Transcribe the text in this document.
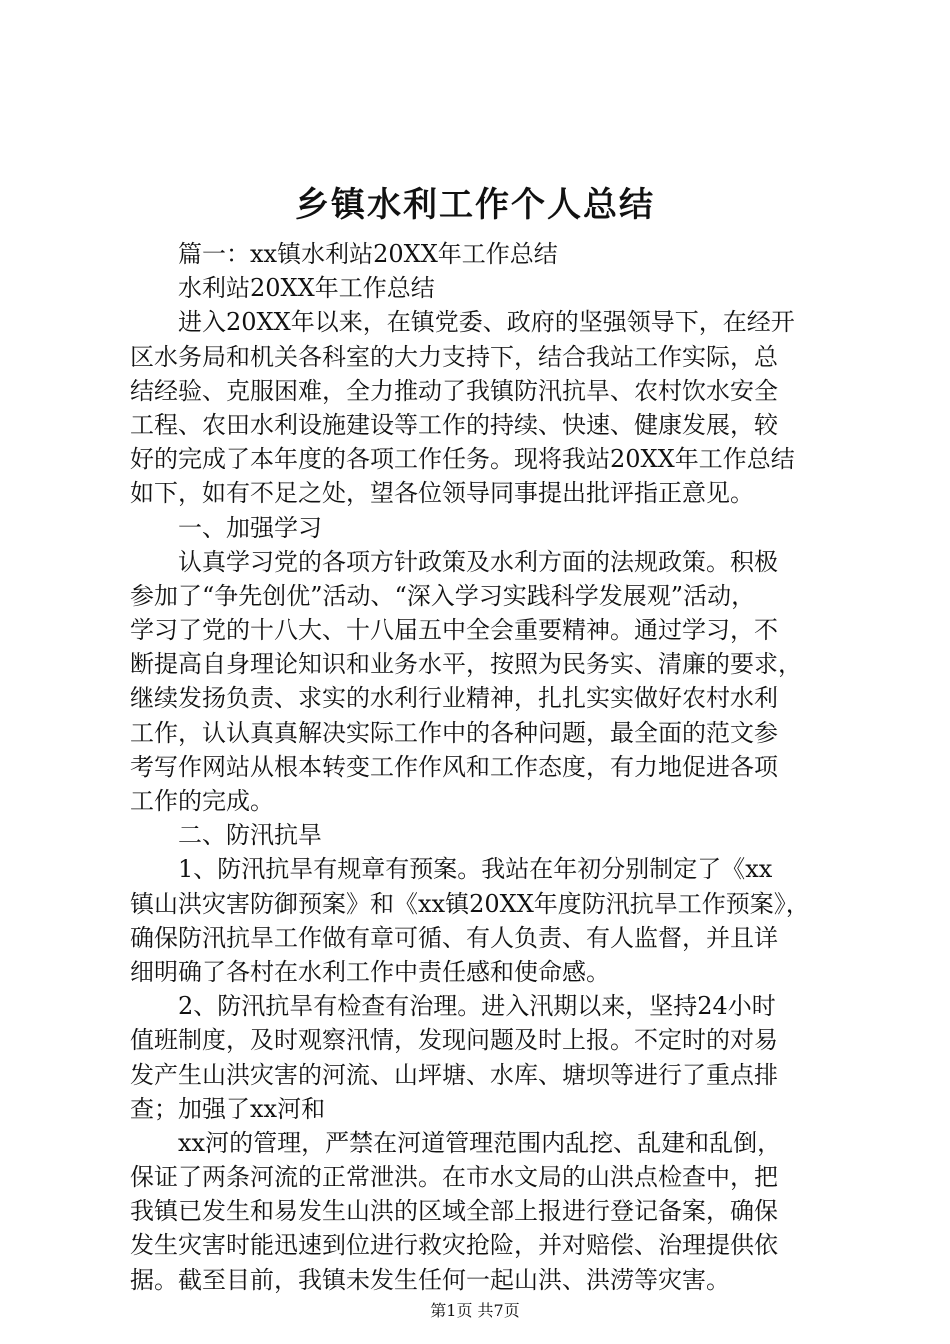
乡镇水利工作个人总结
篇一：xx镇水利站20XX年工作总结
水利站20XX年工作总结
进入20XX年以来，在镇党委、政府的坚强领导下，在经开
区水务局和机关各科室的大力支持下，结合我站工作实际，总
结经验、克服困难，全力推动了我镇防汛抗旱、农村饮水安全
工程、农田水利设施建设等工作的持续、快速、健康发展，较
好的完成了本年度的各项工作任务。现将我站20XX年工作总结
如下，如有不足之处，望各位领导同事提出批评指正意见。
一、加强学习
认真学习党的各项方针政策及水利方面的法规政策。积极
参加了“争先创优”活动、“深入学习实践科学发展观”活动，
学习了党的十八大、十八届五中全会重要精神。通过学习，不
断提高自身理论知识和业务水平，按照为民务实、清廉的要求，
继续发扬负责、求实的水利行业精神，扎扎实实做好农村水利
工作，认认真真解决实际工作中的各种问题，最全面的范文参
考写作网站从根本转变工作作风和工作态度，有力地促进各项
工作的完成。
二、防汛抗旱
1、防汛抗旱有规章有预案。我站在年初分别制定了《xx
镇山洪灾害防御预案》和《xx镇20XX年度防汛抗旱工作预案》，
确保防汛抗旱工作做有章可循、有人负责、有人监督，并且详
细明确了各村在水利工作中责任感和使命感。
2、防汛抗旱有检查有治理。进入汛期以来，坚持24小时
值班制度，及时观察汛情，发现问题及时上报。不定时的对易
发产生山洪灾害的河流、山坪塘、水库、塘坝等进行了重点排
查；加强了xx河和
xx河的管理，严禁在河道管理范围内乱挖、乱建和乱倒，
保证了两条河流的正常泄洪。在市水文局的山洪点检查中，把
我镇已发生和易发生山洪的区域全部上报进行登记备案，确保
发生灾害时能迅速到位进行救灾抢险，并对赔偿、治理提供依
据。截至目前，我镇未发生任何一起山洪、洪涝等灾害。
第1页 共7页
